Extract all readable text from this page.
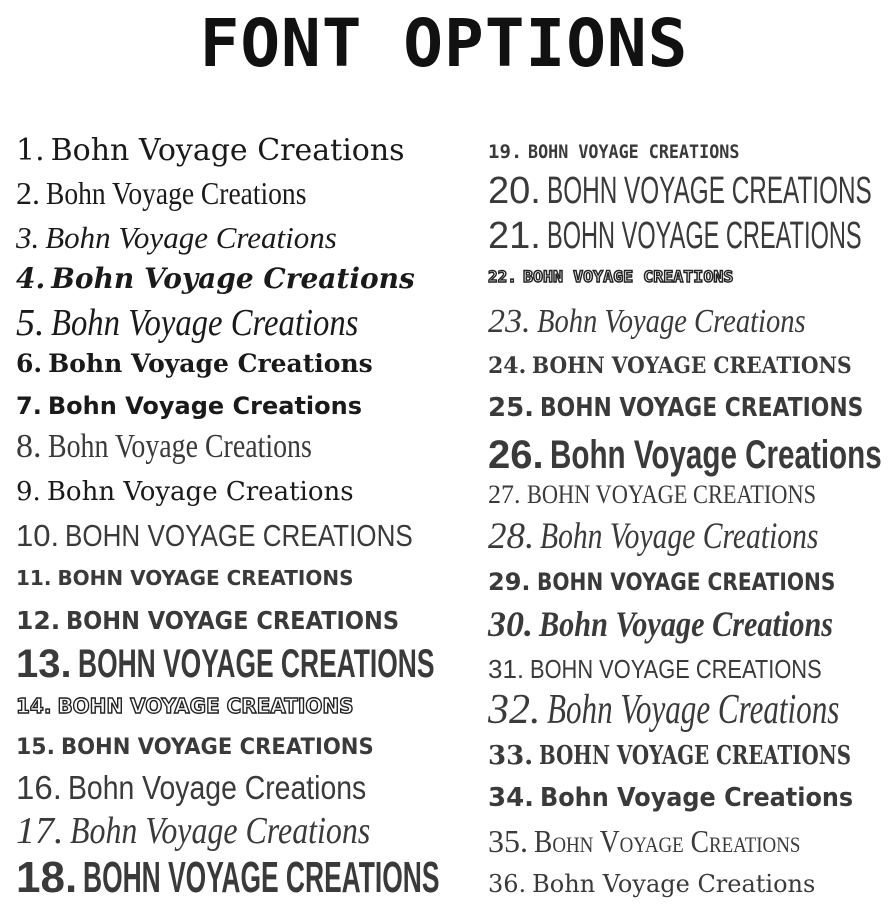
FONT OPTIONS
1. Bohn Voyage Creations
2. Bohn Voyage Creations
3. Bohn Voyage Creations
4. Bohn Voyage Creations
5. Bohn Voyage Creations
6. Bohn Voyage Creations
7. Bohn Voyage Creations
8. Bohn Voyage Creations
9. Bohn Voyage Creations
10. BOHN VOYAGE CREATIONS
11. BOHN VOYAGE CREATIONS
12. BOHN VOYAGE CREATIONS
13. BOHN VOYAGE CREATIONS
14. BOHN VOYAGE CREATIONS
15. BOHN VOYAGE CREATIONS
16. Bohn Voyage Creations
17. Bohn Voyage Creations
18. BOHN VOYAGE CREATIONS
19. BOHN VOYAGE CREATIONS
20. BOHN VOYAGE CREATIONS
21. BOHN VOYAGE CREATIONS
22. BOHN VOYAGE CREATIONS
23. Bohn Voyage Creations
24. BOHN VOYAGE CREATIONS
25. BOHN VOYAGE CREATIONS
26. Bohn Voyage Creations
27. BOHN VOYAGE CREATIONS
28. Bohn Voyage Creations
29. BOHN VOYAGE CREATIONS
30. Bohn Voyage Creations
31. BOHN VOYAGE CREATIONS
32. Bohn Voyage Creations
33. BOHN VOYAGE CREATIONS
34. Bohn Voyage Creations
35. Bohn Voyage Creations
36. Bohn Voyage Creations
